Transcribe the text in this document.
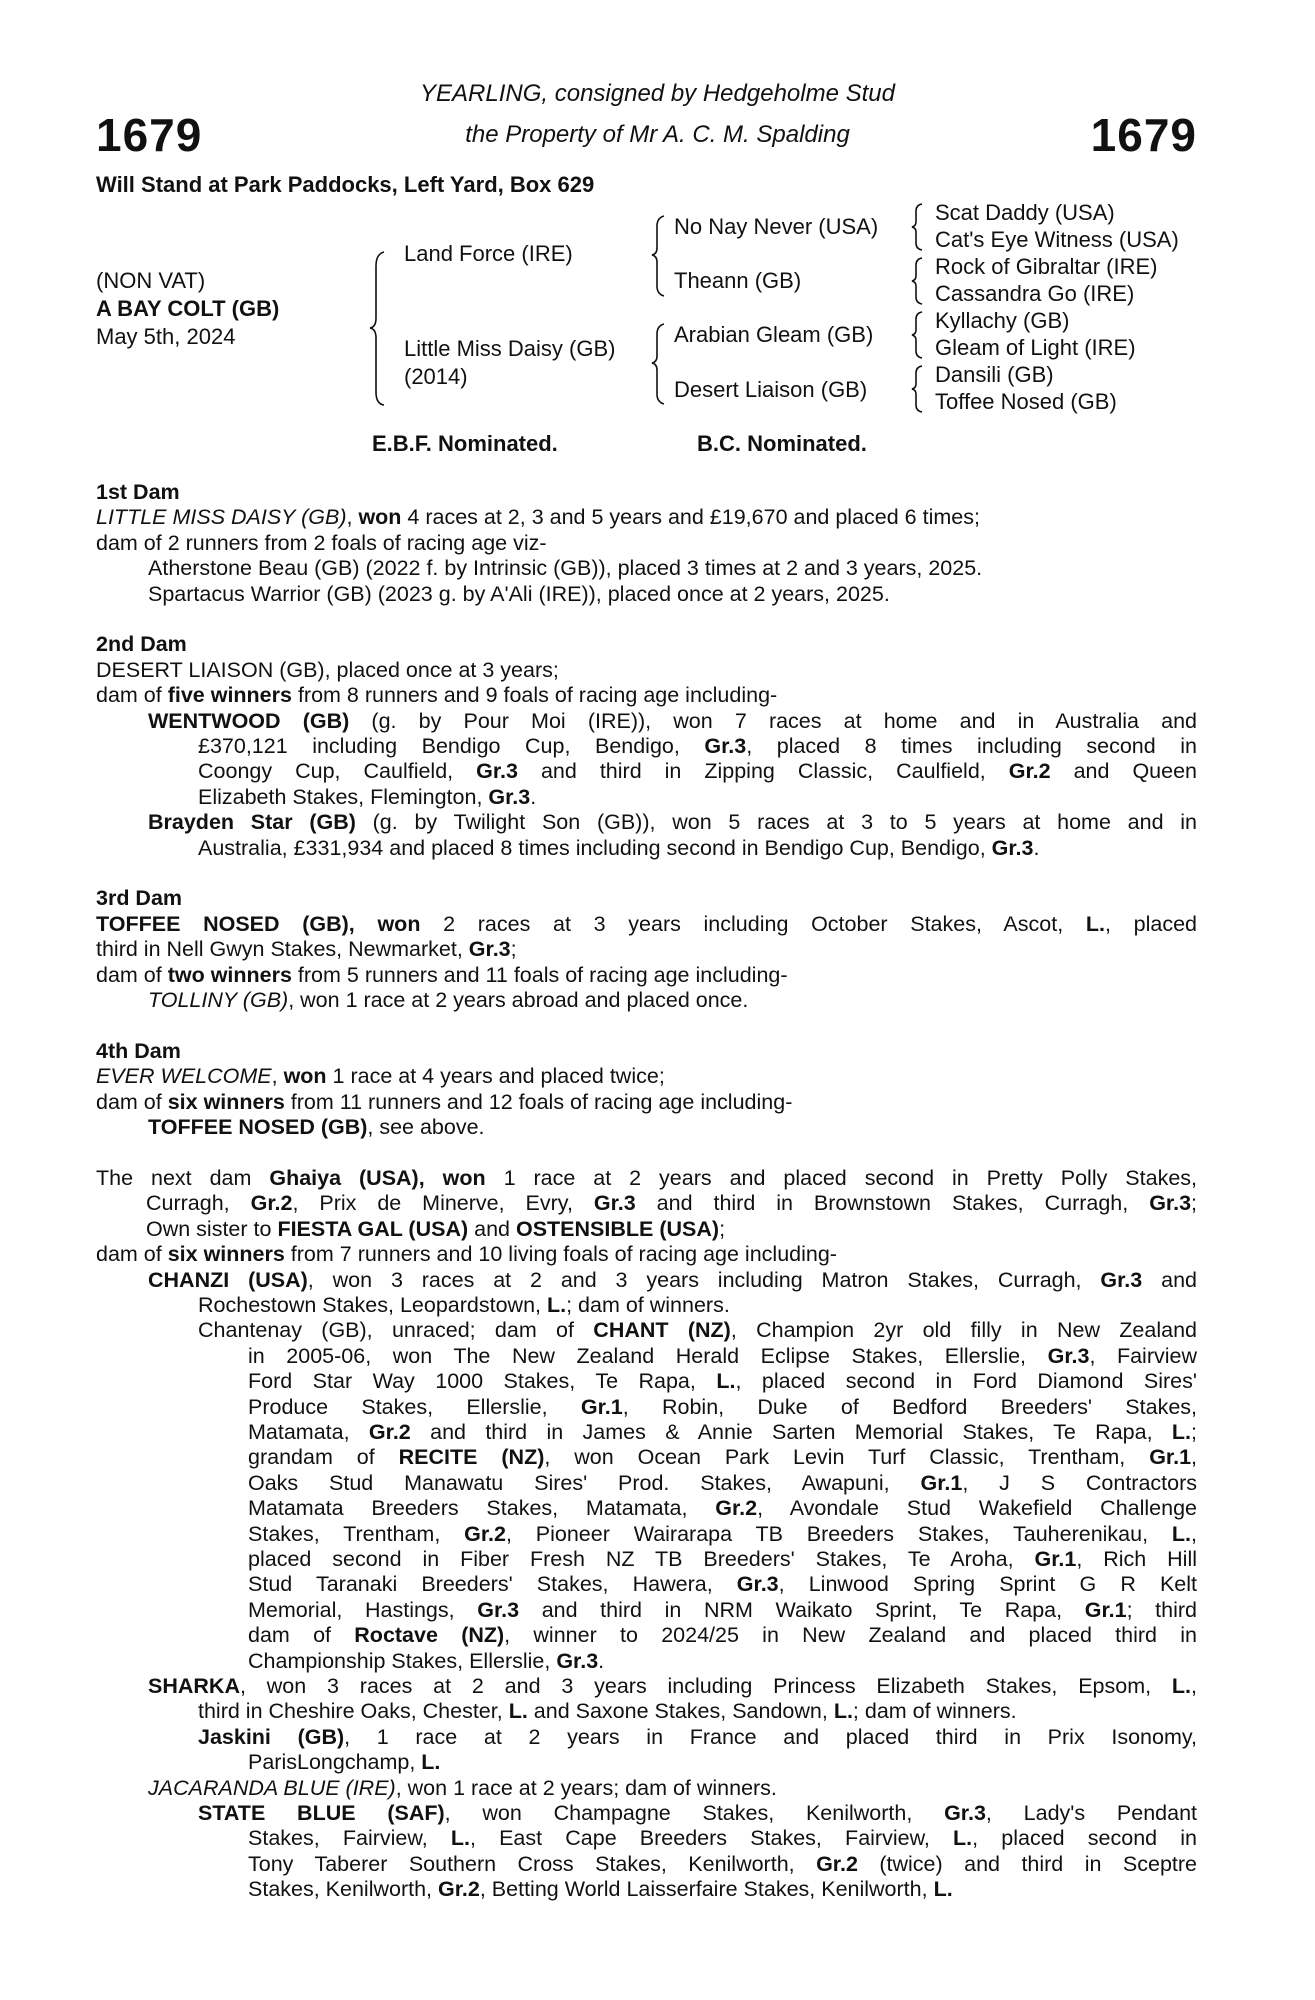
YEARLING, consigned by Hedgeholme Stud
the Property of Mr A. C. M. Spalding
1679	1679
Will Stand at Park Paddocks, Left Yard, Box 629
(NON VAT)
A BAY COLT (GB)
May 5th, 2024
Land Force (IRE)
Little Miss Daisy (GB)
(2014)
No Nay Never (USA)
Theann (GB)
Arabian Gleam (GB)
Desert Liaison (GB)
Scat Daddy (USA)
Cat's Eye Witness (USA)
Rock of Gibraltar (IRE)
Cassandra Go (IRE)
Kyllachy (GB)
Gleam of Light (IRE)
Dansili (GB)
Toffee Nosed (GB)
E.B.F. Nominated.	B.C. Nominated.
1st Dam
LITTLE MISS DAISY (GB), won 4 races at 2, 3 and 5 years and £19,670 and placed 6 times;
dam of 2 runners from 2 foals of racing age viz-
Atherstone Beau (GB) (2022 f. by Intrinsic (GB)), placed 3 times at 2 and 3 years, 2025.
Spartacus Warrior (GB) (2023 g. by A'Ali (IRE)), placed once at 2 years, 2025.
2nd Dam
DESERT LIAISON (GB), placed once at 3 years;
dam of five winners from 8 runners and 9 foals of racing age including-
WENTWOOD (GB) (g. by Pour Moi (IRE)), won 7 races at home and in Australia and
£370,121 including Bendigo Cup, Bendigo, Gr.3, placed 8 times including second in
Coongy Cup, Caulfield, Gr.3 and third in Zipping Classic, Caulfield, Gr.2 and Queen
Elizabeth Stakes, Flemington, Gr.3.
Brayden Star (GB) (g. by Twilight Son (GB)), won 5 races at 3 to 5 years at home and in
Australia, £331,934 and placed 8 times including second in Bendigo Cup, Bendigo, Gr.3.
3rd Dam
TOFFEE NOSED (GB), won 2 races at 3 years including October Stakes, Ascot, L., placed
third in Nell Gwyn Stakes, Newmarket, Gr.3;
dam of two winners from 5 runners and 11 foals of racing age including-
TOLLINY (GB), won 1 race at 2 years abroad and placed once.
4th Dam
EVER WELCOME, won 1 race at 4 years and placed twice;
dam of six winners from 11 runners and 12 foals of racing age including-
TOFFEE NOSED (GB), see above.
The next dam Ghaiya (USA), won 1 race at 2 years and placed second in Pretty Polly Stakes,
Curragh, Gr.2, Prix de Minerve, Evry, Gr.3 and third in Brownstown Stakes, Curragh, Gr.3;
Own sister to FIESTA GAL (USA) and OSTENSIBLE (USA);
dam of six winners from 7 runners and 10 living foals of racing age including-
CHANZI (USA), won 3 races at 2 and 3 years including Matron Stakes, Curragh, Gr.3 and
Rochestown Stakes, Leopardstown, L.; dam of winners.
Chantenay (GB), unraced; dam of CHANT (NZ), Champion 2yr old filly in New Zealand
in 2005-06, won The New Zealand Herald Eclipse Stakes, Ellerslie, Gr.3, Fairview
Ford Star Way 1000 Stakes, Te Rapa, L., placed second in Ford Diamond Sires'
Produce Stakes, Ellerslie, Gr.1, Robin, Duke of Bedford Breeders' Stakes,
Matamata, Gr.2 and third in James & Annie Sarten Memorial Stakes, Te Rapa, L.;
grandam of RECITE (NZ), won Ocean Park Levin Turf Classic, Trentham, Gr.1,
Oaks Stud Manawatu Sires' Prod. Stakes, Awapuni, Gr.1, J S Contractors
Matamata Breeders Stakes, Matamata, Gr.2, Avondale Stud Wakefield Challenge
Stakes, Trentham, Gr.2, Pioneer Wairarapa TB Breeders Stakes, Tauherenikau, L.,
placed second in Fiber Fresh NZ TB Breeders' Stakes, Te Aroha, Gr.1, Rich Hill
Stud Taranaki Breeders' Stakes, Hawera, Gr.3, Linwood Spring Sprint G R Kelt
Memorial, Hastings, Gr.3 and third in NRM Waikato Sprint, Te Rapa, Gr.1; third
dam of Roctave (NZ), winner to 2024/25 in New Zealand and placed third in
Championship Stakes, Ellerslie, Gr.3.
SHARKA, won 3 races at 2 and 3 years including Princess Elizabeth Stakes, Epsom, L.,
third in Cheshire Oaks, Chester, L. and Saxone Stakes, Sandown, L.; dam of winners.
Jaskini (GB), 1 race at 2 years in France and placed third in Prix Isonomy,
ParisLongchamp, L.
JACARANDA BLUE (IRE), won 1 race at 2 years; dam of winners.
STATE BLUE (SAF), won Champagne Stakes, Kenilworth, Gr.3, Lady's Pendant
Stakes, Fairview, L., East Cape Breeders Stakes, Fairview, L., placed second in
Tony Taberer Southern Cross Stakes, Kenilworth, Gr.2 (twice) and third in Sceptre
Stakes, Kenilworth, Gr.2, Betting World Laisserfaire Stakes, Kenilworth, L.
